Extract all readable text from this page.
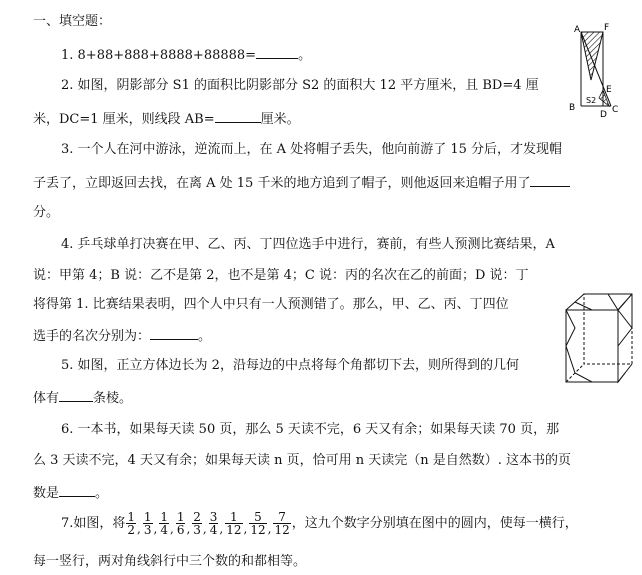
一、填空题：
1. 8+88+888+8888+88888=	。
2. 如图，阴影部分 S1 的面积比阴影部分 S2 的面积大 12 平方厘米，且 BD=4 厘
米，DC=1 厘米，则线段 AB=	厘米。
3. 一个人在河中游泳，逆流而上，在 A 处将帽子丢失，他向前游了 15 分后，才发现帽
子丢了，立即返回去找，在离 A 处 15 千米的地方追到了帽子，则他返回来追帽子用了
分。
4. 乒乓球单打决赛在甲、乙、丙、丁四位选手中进行，赛前，有些人预测比赛结果，A
说：甲第 4；B 说：乙不是第 2，也不是第 4；C 说：丙的名次在乙的前面；D 说：丁
将得第 1. 比赛结果表明，四个人中只有一人预测错了。那么，甲、乙、丙、丁四位
选手的名次分别为：	。
5. 如图，正立方体边长为 2，沿每边的中点将每个角都切下去，则所得到的几何
体有	条棱。
6. 一本书，如果每天读 50 页，那么 5 天读不完，6 天又有余；如果每天读 70 页，那
么 3 天读不完，4 天又有余；如果每天读 n 页，恰可用 n 天读完（n 是自然数）. 这本书的页
数是	。
7.如图，将 $\frac{1}{2}$ , $\frac{1}{3}$ , $\frac{1}{4}$ , $\frac{1}{6}$ , $\frac{2}{3}$ , $\frac{3}{4}$ , $\frac{1}{12}$ , $\frac{5}{12}$ , $\frac{7}{12}$ ，这九个数字分别填在图中的圆内，使每一横行，
每一竖行，两对角线斜行中三个数的和都相等。
A	F
B
S2
E
C
D
